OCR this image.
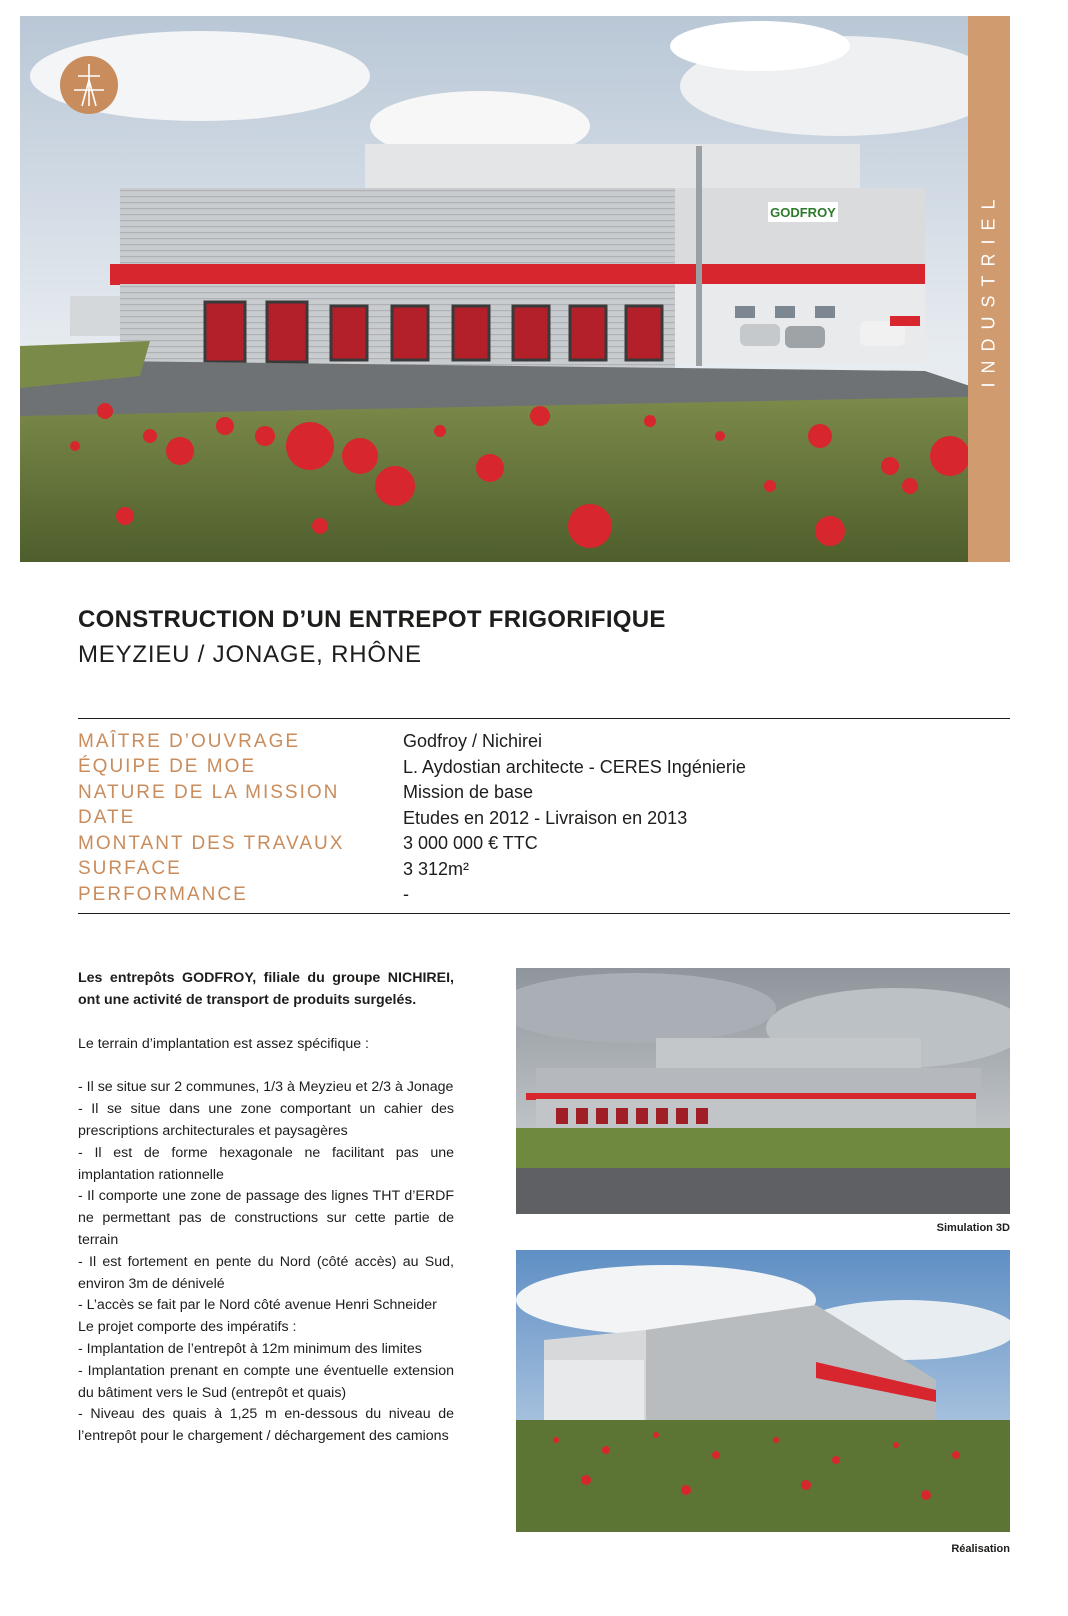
GODFROY	INDUSTRIEL
CONSTRUCTION D’UN ENTREPOT FRIGORIFIQUE
MEYZIEU / JONAGE, RHÔNE
MAÎTRE D’OUVRAGE	Godfroy / Nichirei
ÉQUIPE DE MOE	L. Aydostian architecte - CERES Ingénierie
NATURE DE LA MISSION	Mission de base
DATE	Etudes en 2012 - Livraison en 2013
MONTANT DES TRAVAUX	3 000 000 € TTC
SURFACE	3 312m²
PERFORMANCE	-

Les entrepôts GODFROY, filiale du groupe NICHIREI, ont une activité de transport de produits surgelés.

Le terrain d’implantation est assez spécifique :

- Il se situe sur 2 communes, 1/3 à Meyzieu et 2/3 à Jonage

- Il se situe dans une zone comportant un cahier des prescriptions architecturales et paysagères

- Il est de forme hexagonale ne facilitant pas une implantation rationnelle

- Il comporte une zone de passage des lignes THT d’ERDF ne permettant pas de constructions sur cette partie de terrain

- Il est fortement en pente du Nord (côté accès) au Sud, environ 3m de dénivelé

- L’accès se fait par le Nord côté avenue Henri Schneider

Le projet comporte des impératifs :

- Implantation de l’entrepôt à 12m minimum des limites

- Implantation prenant en compte une éventuelle extension du bâtiment vers le Sud (entrepôt et quais)

- Niveau des quais à 1,25 m en-dessous du niveau de l’entrepôt pour le chargement / déchargement des camions

Simulation 3D
Réalisation
